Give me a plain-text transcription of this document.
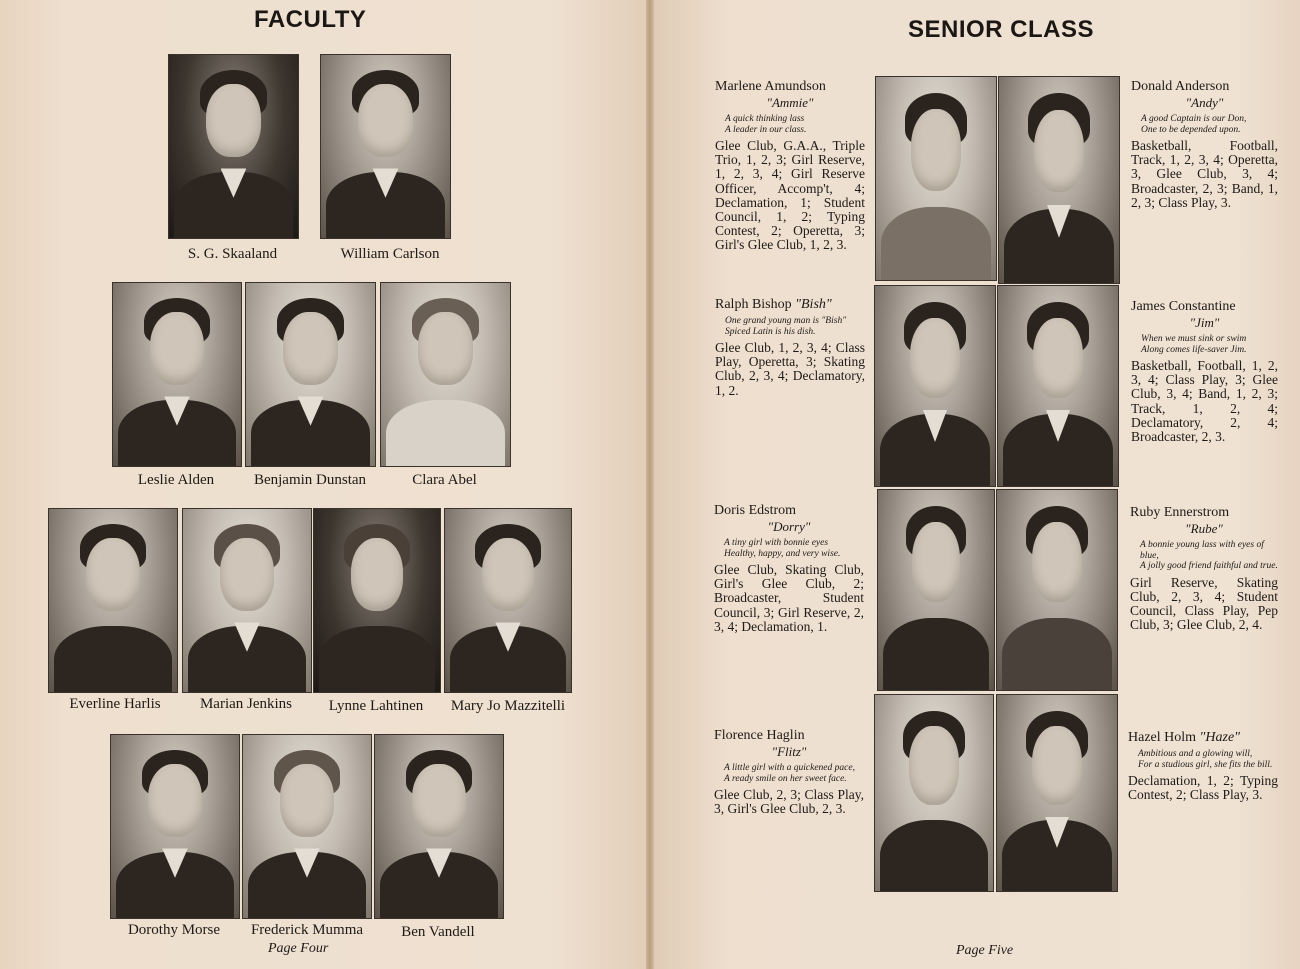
FACULTY
S. G. Skaaland	William Carlson
Leslie Alden	Benjamin Dunstan	Clara Abel
Everline Harlis	Marian Jenkins	Lynne Lahtinen	Mary Jo Mazzitelli
Dorothy Morse	Frederick Mumma	Ben Vandell
Page Four
SENIOR CLASS
Marlene Amundson
"Ammie"
A quick thinking lass
A leader in our class.
Glee Club, G.A.A., Triple Trio, 1, 2, 3; Girl Reserve, 1, 2, 3, 4; Girl Reserve Officer, Accomp't, 4; Declamation, 1; Student Council, 1, 2; Typing Contest, 2; Operetta, 3; Girl's Glee Club, 1, 2, 3.
Donald Anderson
"Andy"
A good Captain is our Don,
One to be depended upon.
Basketball, Football, Track, 1, 2, 3, 4; Operetta, 3, Glee Club, 3, 4; Broadcaster, 2, 3; Band, 1, 2, 3; Class Play, 3.
Ralph Bishop "Bish"
One grand young man is "Bish"
Spiced Latin is his dish.
Glee Club, 1, 2, 3, 4; Class Play, Operetta, 3; Skating Club, 2, 3, 4; Declamatory, 1, 2.
James Constantine
"Jim"
When we must sink or swim
Along comes life-saver Jim.
Basketball, Football, 1, 2, 3, 4; Class Play, 3; Glee Club, 3, 4; Band, 1, 2, 3; Track, 1, 2, 4; Declamatory, 2, 4; Broadcaster, 2, 3.
Doris Edstrom
"Dorry"
A tiny girl with bonnie eyes
Healthy, happy, and very wise.
Glee Club, Skating Club, Girl's Glee Club, 2; Broadcaster, Student Council, 3; Girl Reserve, 2, 3, 4; Declamation, 1.
Ruby Ennerstrom
"Rube"
A bonnie young lass with eyes of blue,
A jolly good friend faithful and true.
Girl Reserve, Skating Club, 2, 3, 4; Student Council, Class Play, Pep Club, 3; Glee Club, 2, 4.
Florence Haglin
"Flitz"
A little girl with a quickened pace,
A ready smile on her sweet face.
Glee Club, 2, 3; Class Play, 3, Girl's Glee Club, 2, 3.
Hazel Holm "Haze"
Ambitious and a glowing will,
For a studious girl, she fits the bill.
Declamation, 1, 2; Typing Contest, 2; Class Play, 3.
Page Five
